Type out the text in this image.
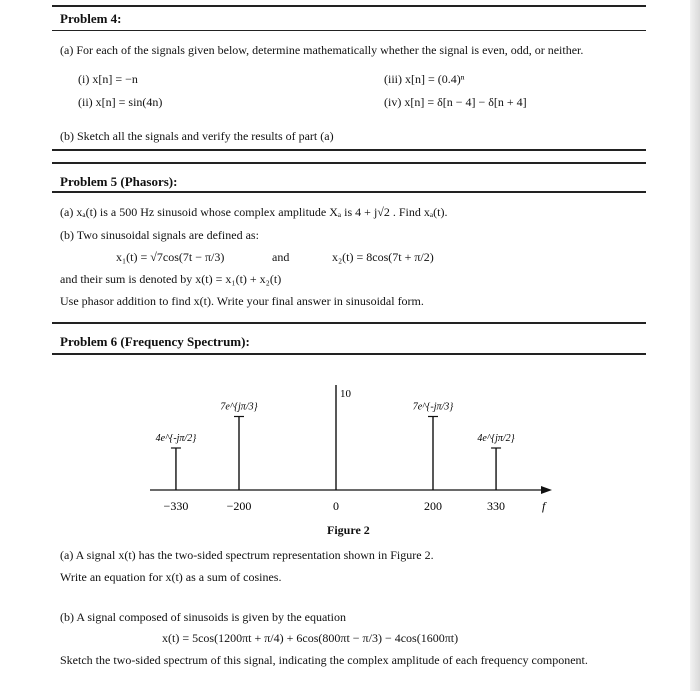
Problem 4:
(a) For each of the signals given below, determine mathematically whether the signal is even, odd, or neither.
(i) x[n] = −n
(ii) x[n] = sin(4n)
(iii) x[n] = (0.4)ⁿ
(iv) x[n] = δ[n − 4] − δ[n + 4]
(b) Sketch all the signals and verify the results of part (a)
Problem 5 (Phasors):
(a) xₐ(t) is a 500 Hz sinusoid whose complex amplitude Xₐ is 4 + j√2 . Find xₐ(t).
(b) Two sinusoidal signals are defined as:
x₁(t) = √7cos(7t − π/3)	and	x₂(t) = 8cos(7t + π/2)
and their sum is denoted by x(t) = x₁(t) + x₂(t)
Use phasor addition to find x(t). Write your final answer in sinusoidal form.
Problem 6 (Frequency Spectrum):
f
4e^{-jπ/2}
−330
7e^{jπ/3}
−200
10
0
7e^{-jπ/3}
200
4e^{jπ/2}
330
Figure 2
(a) A signal x(t) has the two-sided spectrum representation shown in Figure 2.
Write an equation for x(t) as a sum of cosines.
(b) A signal composed of sinusoids is given by the equation
x(t) = 5cos(1200πt + π/4) + 6cos(800πt − π/3) − 4cos(1600πt)
Sketch the two-sided spectrum of this signal, indicating the complex amplitude of each frequency component.
